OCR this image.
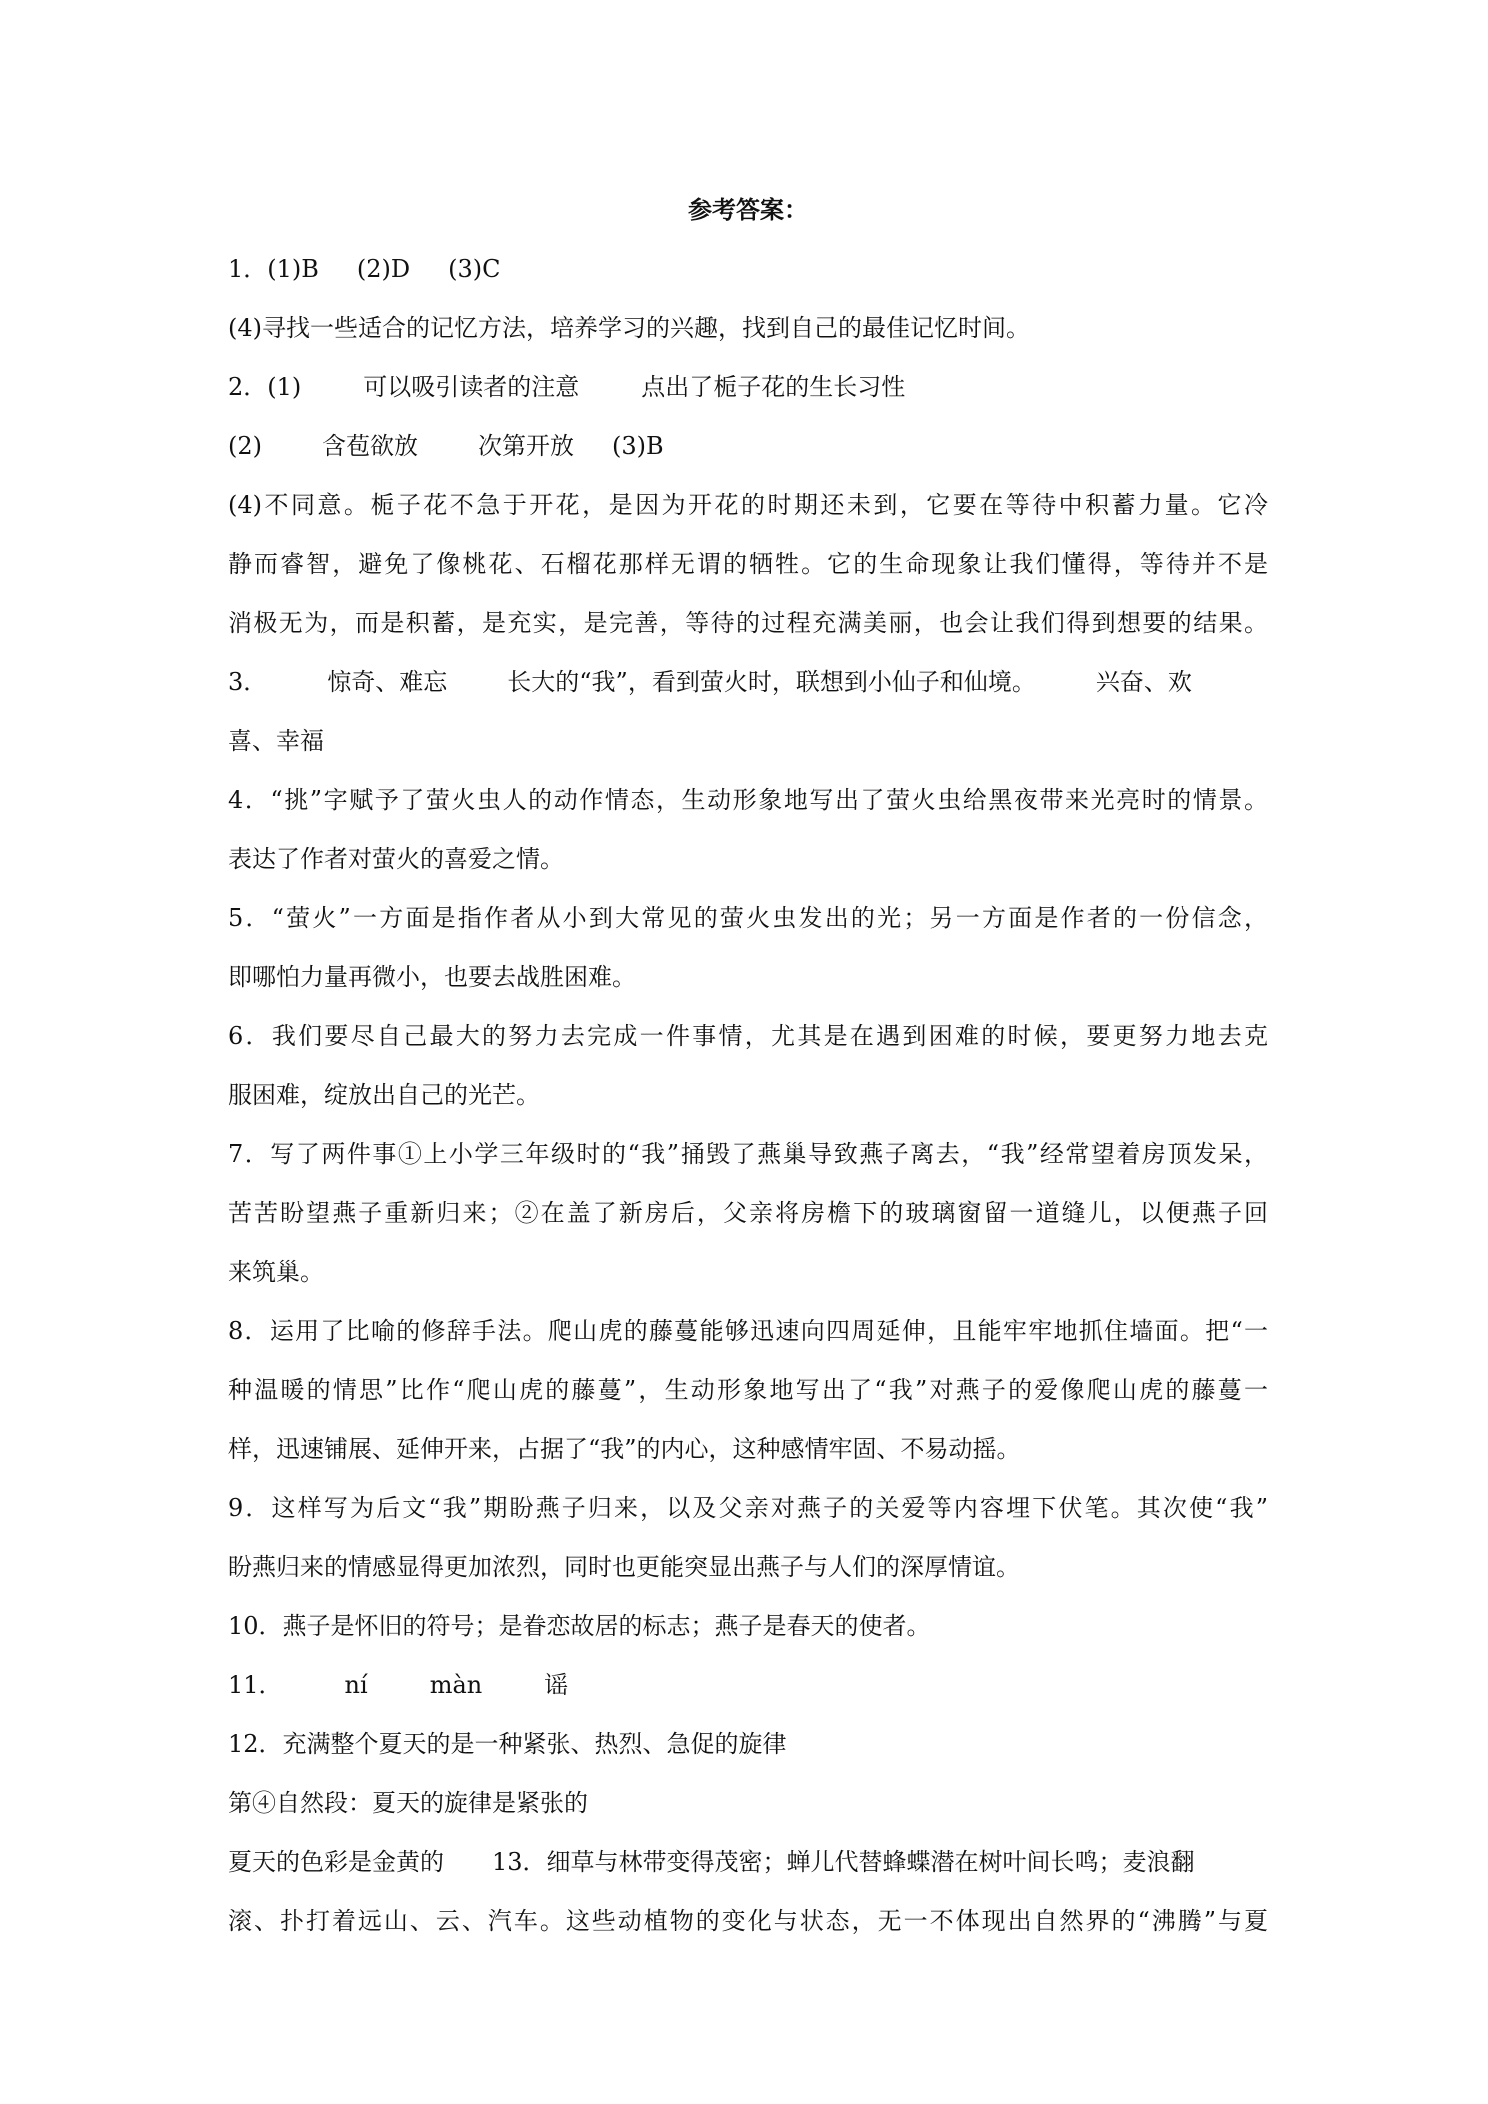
参考答案：
1．(1)B (2)D (3)C
(4)寻找一些适合的记忆方法，培养学习的兴趣，找到自己的最佳记忆时间。
2．(1)	可以吸引读者的注意	点出了栀子花的生长习性
(2)	含苞欲放	次第开放 (3)B
(4)不同意。栀子花不急于开花，是因为开花的时期还未到，它要在等待中积蓄力量。它冷
静而睿智，避免了像桃花、石榴花那样无谓的牺牲。它的生命现象让我们懂得，等待并不是
消极无为，而是积蓄，是充实，是完善，等待的过程充满美丽，也会让我们得到想要的结果。
3．	惊奇、难忘	长大的“我”，看到萤火时，联想到小仙子和仙境。	兴奋、欢
喜、幸福
4．“挑”字赋予了萤火虫人的动作情态，生动形象地写出了萤火虫给黑夜带来光亮时的情景。
表达了作者对萤火的喜爱之情。
5．“萤火”一方面是指作者从小到大常见的萤火虫发出的光；另一方面是作者的一份信念，
即哪怕力量再微小，也要去战胜困难。
6．我们要尽自己最大的努力去完成一件事情，尤其是在遇到困难的时候，要更努力地去克
服困难，绽放出自己的光芒。
7．写了两件事①上小学三年级时的“我”捅毁了燕巢导致燕子离去，“我”经常望着房顶发呆，
苦苦盼望燕子重新归来；②在盖了新房后，父亲将房檐下的玻璃窗留一道缝儿，以便燕子回
来筑巢。
8．运用了比喻的修辞手法。爬山虎的藤蔓能够迅速向四周延伸，且能牢牢地抓住墙面。把“一
种温暖的情思”比作“爬山虎的藤蔓”，生动形象地写出了“我”对燕子的爱像爬山虎的藤蔓一
样，迅速铺展、延伸开来，占据了“我”的内心，这种感情牢固、不易动摇。
9．这样写为后文“我”期盼燕子归来，以及父亲对燕子的关爱等内容埋下伏笔。其次使“我”
盼燕归来的情感显得更加浓烈，同时也更能突显出燕子与人们的深厚情谊。
10．燕子是怀旧的符号；是眷恋故居的标志；燕子是春天的使者。
11．	ní	màn	谣
12．充满整个夏天的是一种紧张、热烈、急促的旋律
第④自然段：夏天的旋律是紧张的
夏天的色彩是金黄的 13．细草与林带变得茂密；蝉儿代替蜂蝶潜在树叶间长鸣；麦浪翻
滚、扑打着远山、云、汽车。这些动植物的变化与状态，无一不体现出自然界的“沸腾”与夏
